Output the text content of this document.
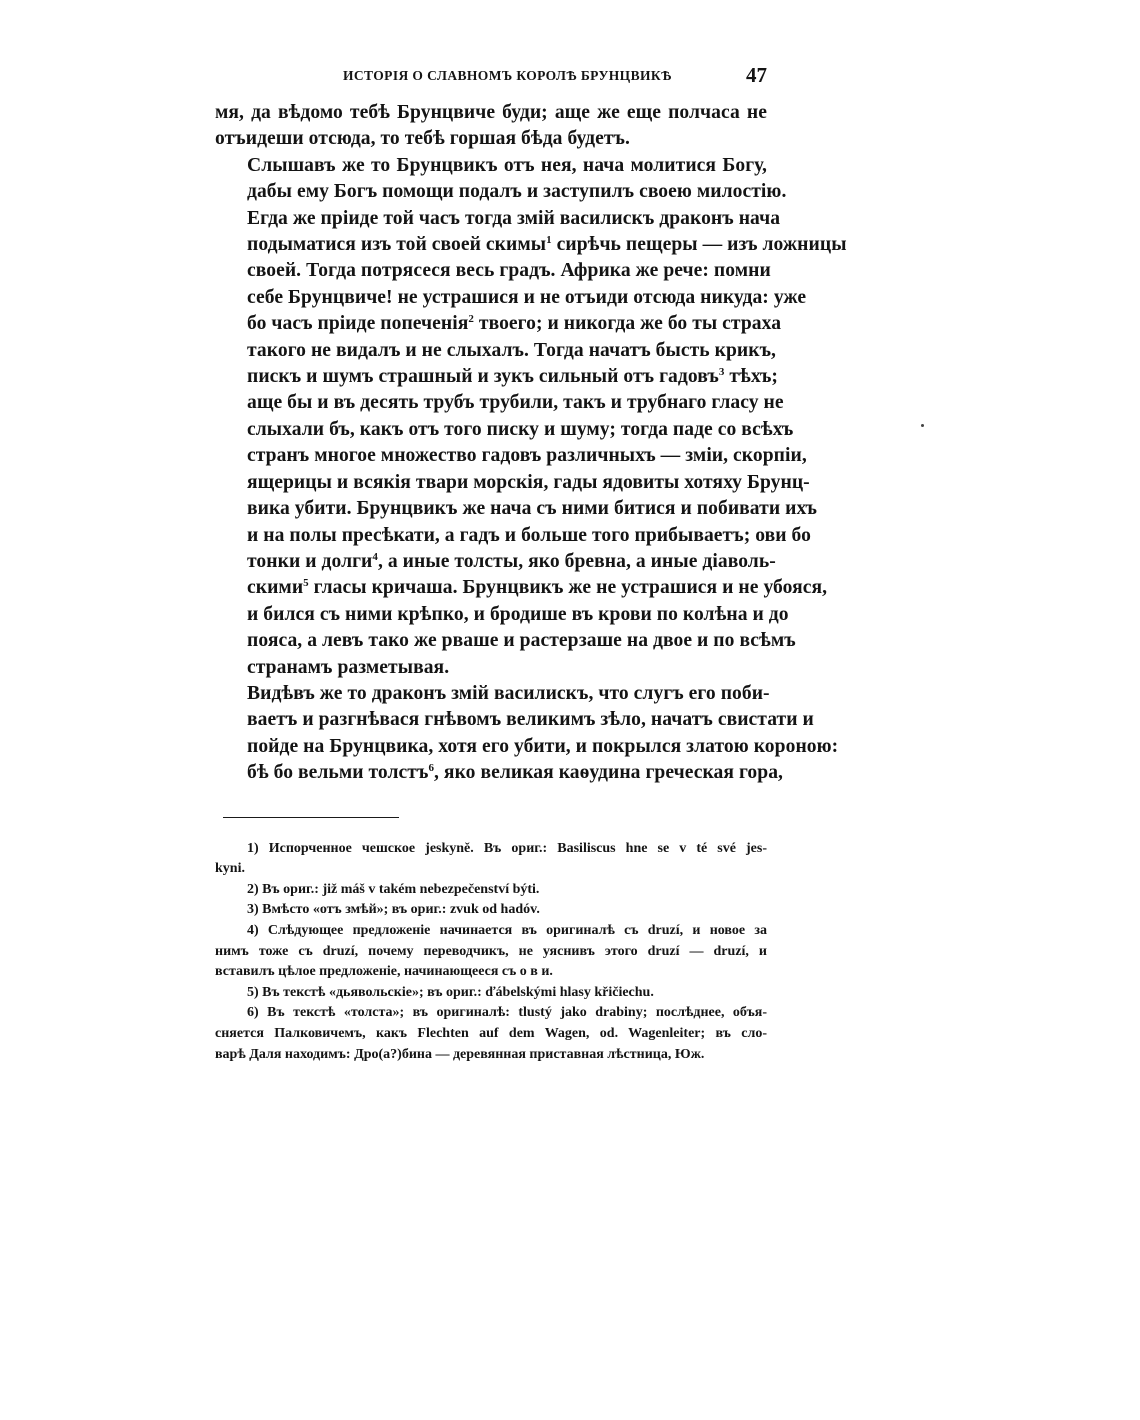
ИСТОРІЯ О СЛАВНОМЪ КОРОЛѢ БРУНЦВИКѢ	47

мя, да вѣдомо тебѣ Брунцвиче буди; аще же еще полчаса не
отъидеши отсюда, то тебѣ горшая бѣда будетъ.

Слышавъ же то Брунцвикъ отъ нея, нача молитися Богу,
дабы ему Богъ помощи подалъ и заступилъ своею милостію.
Егда же пріиде той часъ тогда змій василискъ драконъ нача
подыматися изъ той своей скимы$^1$ сирѣчь пещеры — изъ ложницы
своей. Тогда потрясеся весь градъ. Африка же рече: помни
себе Брунцвиче! не устрашися и не отъиди отсюда никуда: уже
бо часъ пріиде попеченія$^2$ твоего; и никогда же бо ты страха
такого не видалъ и не слыхалъ. Тогда начатъ бысть крикъ,
пискъ и шумъ страшный и зукъ сильный отъ гадовъ$^3$ тѣхъ;
аще бы и въ десять трубъ трубили, такъ и трубнаго гласу не
слыхали бъ, какъ отъ того писку и шуму; тогда паде со всѣхъ
странъ многое множество гадовъ различныхъ — зміи, скорпіи,
ящерицы и всякія твари морскія, гады ядовиты хотяху Брунц-
вика убити. Брунцвикъ же нача съ ними битися и побивати ихъ
и на полы пресѣкати, а гадъ и больше того прибываетъ; ови бо
тонки и долги$^4$, а иные толсты, яко бревна, а иные діаволь-
скими$^5$ гласы кричаша. Брунцвикъ же не устрашися и не убояся,
и бился съ ними крѣпко, и бродише въ крови по колѣна и до
пояса, а левъ тако же рваше и растерзаше на двое и по всѣмъ
странамъ разметывая.

Видѣвъ же то драконъ змій василискъ, что слугъ его поби-
ваетъ и разгнѣвася гнѣвомъ великимъ зѣло, начатъ свистати и
пойде на Брунцвика, хотя его убити, и покрылся златою короною:
бѣ бо вельми толстъ$^6$, яко великая каѳудина греческая гора,

1) Испорченное чешское jeskyně. Въ ориг.: Basiliscus hne se v té své jes-
kyni.

2) Въ ориг.: již máš v takém nebezpečenství býti.

3) Вмѣсто «отъ змѣй»; въ ориг.: zvuk od hadóv.

4) Слѣдующее предложеніе начинается въ оригиналѣ съ druzí, и новое за
нимъ тоже съ druzí, почему переводчикъ, не уяснивъ этого druzí — druzí, и
вставилъ цѣлое предложеніе, начинающееся съ о в и.

5) Въ текстѣ «дьявольскіе»; въ ориг.: ďábelskými hlasy křičiechu.

6) Въ текстѣ «толста»; въ оригиналѣ: tlustý jako drabiny; послѣднее, объя-
сняется Палковичемъ, какъ Flechten auf dem Wagen, od. Wagenleiter; въ сло-
варѣ Даля находимъ: Дро(а?)бина — деревянная приставная лѣстница, Юж.
